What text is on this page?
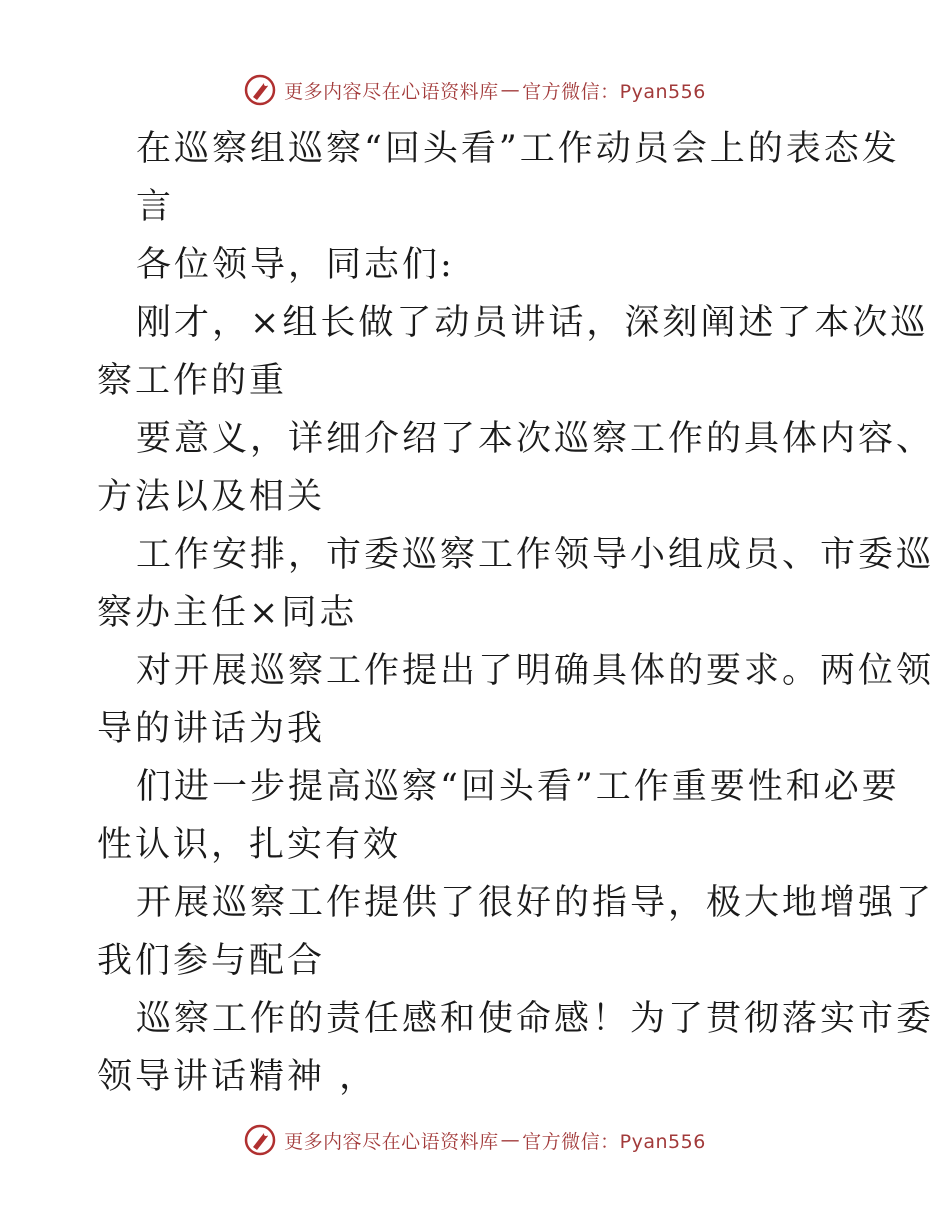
更多内容尽在心语资料库 — 官方微信：Pyan556
在巡察组巡察“回头看”工作动员会上的表态发
言
各位领导，同志们:
刚才，×组长做了动员讲话，深刻阐述了本次巡
察工作的重
要意义，详细介绍了本次巡察工作的具体内容、
方法以及相关
工作安排，市委巡察工作领导小组成员、市委巡
察办主任×同志
对开展巡察工作提出了明确具体的要求。两位领
导的讲话为我
们进一步提高巡察“回头看”工作重要性和必要
性认识，扎实有效
开展巡察工作提供了很好的指导，极大地增强了
我们参与配合
巡察工作的责任感和使命感！为了贯彻落实市委
领导讲话精神 ，
更多内容尽在心语资料库 — 官方微信：Pyan556
